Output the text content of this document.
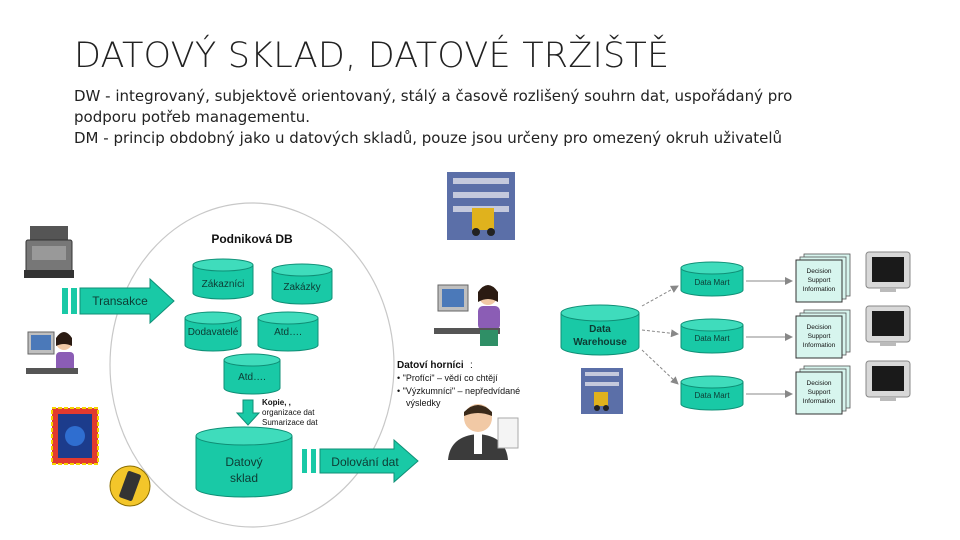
DATOVÝ SKLAD, DATOVÉ TRŽIŠTĚ
DW - integrovaný, subjektově orientovaný, stálý a časově rozlišený souhrn dat, uspořádaný pro
podporu potřeb managementu.
DM - princip obdobný jako u datových skladů, pouze jsou určeny pro omezený okruh uživatelů
Podniková DB
Zákazníci	Zakázky
Dodavatelé	Atd….
Atd….
Transakce
Kopie, ,
organizace dat
Sumarizace dat
Datový
sklad
Dolování dat
Datoví horníci :
• "Profíci" – vědí co chtějí
• "Výzkumníci" – nepředvídané
výsledky
Data
Warehouse
Data Mart
Data Mart
Data Mart
Decision
Support
Information
Decision
Support
Information
Decision
Support
Information
